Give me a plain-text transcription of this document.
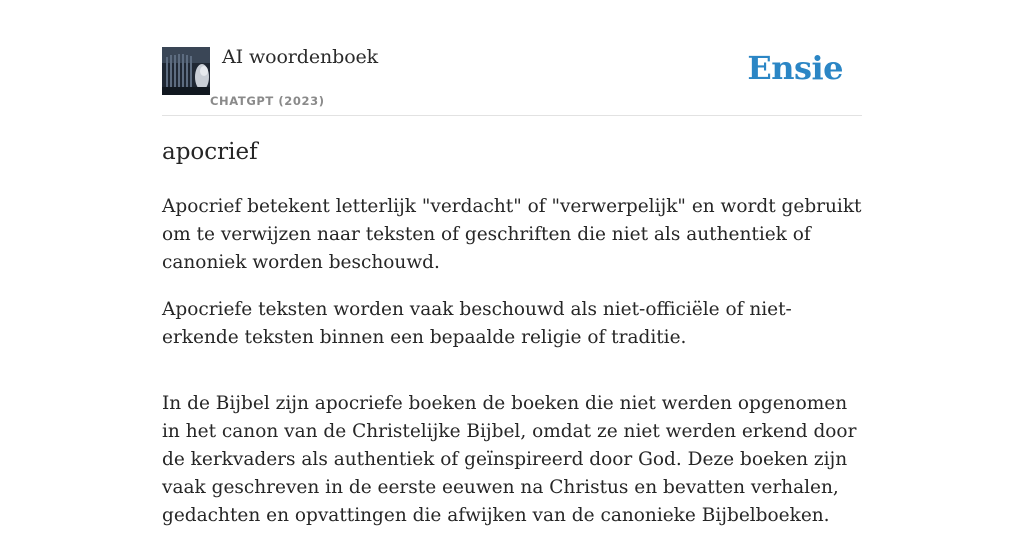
AI woordenboek
CHATGPT (2023)
Ensie
apocrief

Apocrief betekent letterlijk "verdacht" of "verwerpelijk" en wordt gebruikt om te verwijzen naar teksten of geschriften die niet als authentiek of canoniek worden beschouwd.

Apocriefe teksten worden vaak beschouwd als niet-officiële of niet-erkende teksten binnen een bepaalde religie of traditie.

In de Bijbel zijn apocriefe boeken de boeken die niet werden opgenomen in het canon van de Christelijke Bijbel, omdat ze niet werden erkend door de kerkvaders als authentiek of geïnspireerd door God. Deze boeken zijn vaak geschreven in de eerste eeuwen na Christus en bevatten verhalen, gedachten en opvattingen die afwijken van de canonieke Bijbelboeken.
